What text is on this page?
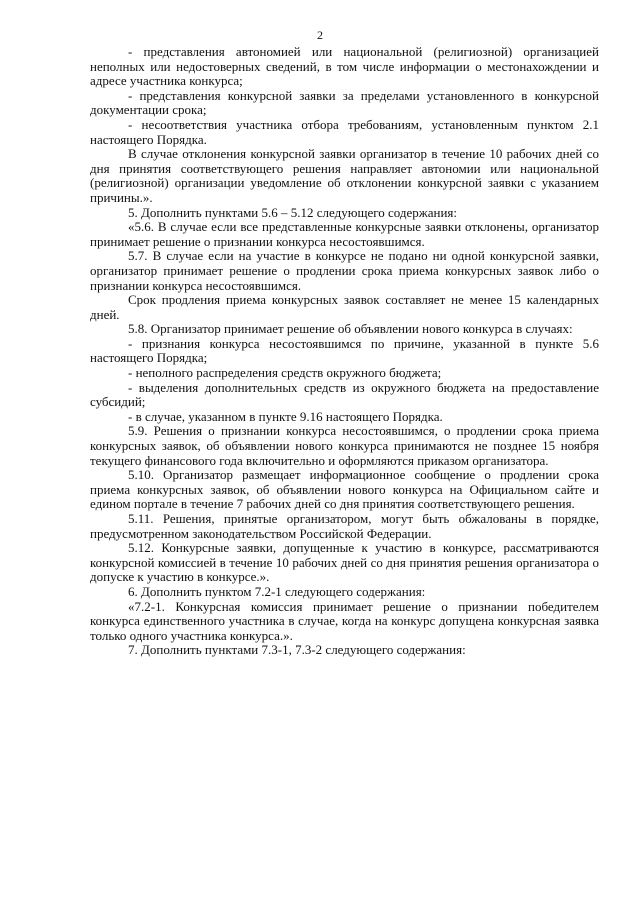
2

- представления автономией или национальной (религиозной) организацией неполных или недостоверных сведений, в том числе информации о местонахождении и адресе участника конкурса;

- представления конкурсной заявки за пределами установленного в конкурсной документации срока;

- несоответствия участника отбора требованиям, установленным пунктом 2.1 настоящего Порядка.

В случае отклонения конкурсной заявки организатор в течение 10 рабочих дней со дня принятия соответствующего решения направляет автономии или национальной (религиозной) организации уведомление об отклонении конкурсной заявки с указанием причины.».

5. Дополнить пунктами 5.6 – 5.12 следующего содержания:

«5.6. В случае если все представленные конкурсные заявки отклонены, организатор принимает решение о признании конкурса несостоявшимся.

5.7. В случае если на участие в конкурсе не подано ни одной конкурсной заявки, организатор принимает решение о продлении срока приема конкурсных заявок либо о признании конкурса несостоявшимся.

Срок продления приема конкурсных заявок составляет не менее 15 календарных дней.

5.8. Организатор принимает решение об объявлении нового конкурса в случаях:

- признания конкурса несостоявшимся по причине, указанной в пункте 5.6 настоящего Порядка;

- неполного распределения средств окружного бюджета;

- выделения дополнительных средств из окружного бюджета на предоставление субсидий;

- в случае, указанном в пункте 9.16 настоящего Порядка.

5.9. Решения о признании конкурса несостоявшимся, о продлении срока приема конкурсных заявок, об объявлении нового конкурса принимаются не позднее 15 ноября текущего финансового года включительно и оформляются приказом организатора.

5.10. Организатор размещает информационное сообщение о продлении срока приема конкурсных заявок, об объявлении нового конкурса на Официальном сайте и едином портале в течение 7 рабочих дней со дня принятия соответствующего решения.

5.11. Решения, принятые организатором, могут быть обжалованы в порядке, предусмотренном законодательством Российской Федерации.

5.12. Конкурсные заявки, допущенные к участию в конкурсе, рассматриваются конкурсной комиссией в течение 10 рабочих дней со дня принятия решения организатора о допуске к участию в конкурсе.».

6. Дополнить пунктом 7.2-1 следующего содержания:

«7.2-1. Конкурсная комиссия принимает решение о признании победителем конкурса единственного участника в случае, когда на конкурс допущена конкурсная заявка только одного участника конкурса.».

7. Дополнить пунктами 7.3-1, 7.3-2 следующего содержания:
